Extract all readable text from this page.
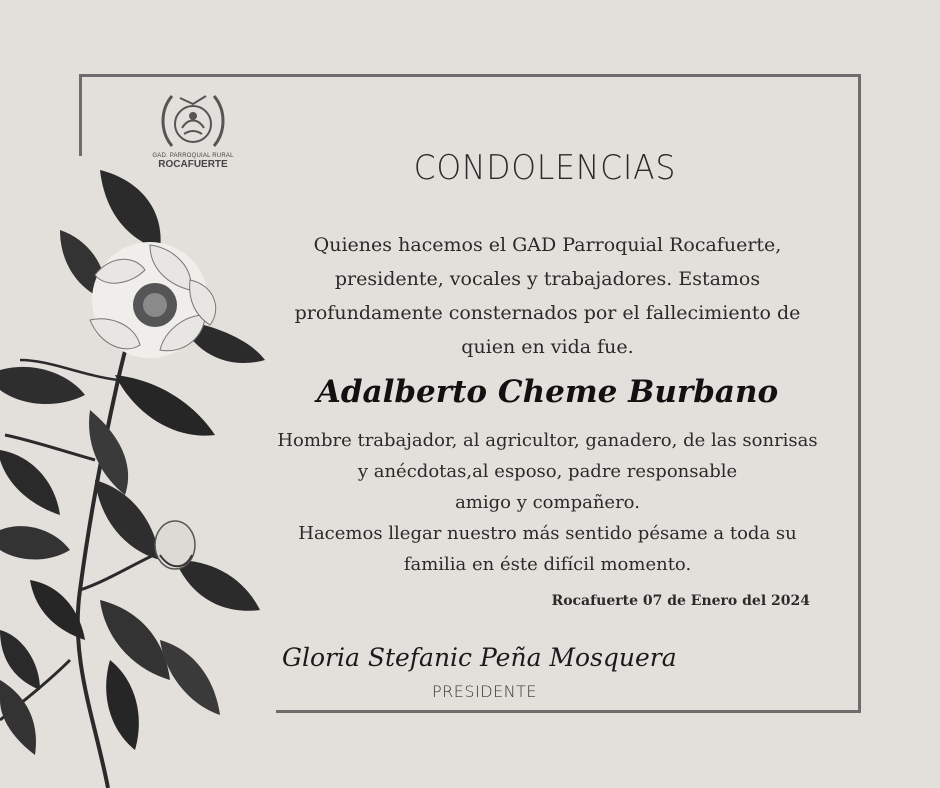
GAD. PARROQUIAL RURAL
ROCAFUERTE	CONDOLENCIAS
Quienes hacemos el GAD Parroquial Rocafuerte,
presidente, vocales y trabajadores. Estamos
profundamente consternados por el fallecimiento de
quien en vida fue.
Adalberto Cheme Burbano
Hombre trabajador, al agricultor, ganadero, de las sonrisas
y anécdotas,al esposo, padre responsable
amigo y compañero.
Hacemos llegar nuestro más sentido pésame a toda su
familia en éste difícil momento.
Rocafuerte 07 de Enero del 2024
Gloria Stefanic Peña Mosquera
PRESIDENTE
